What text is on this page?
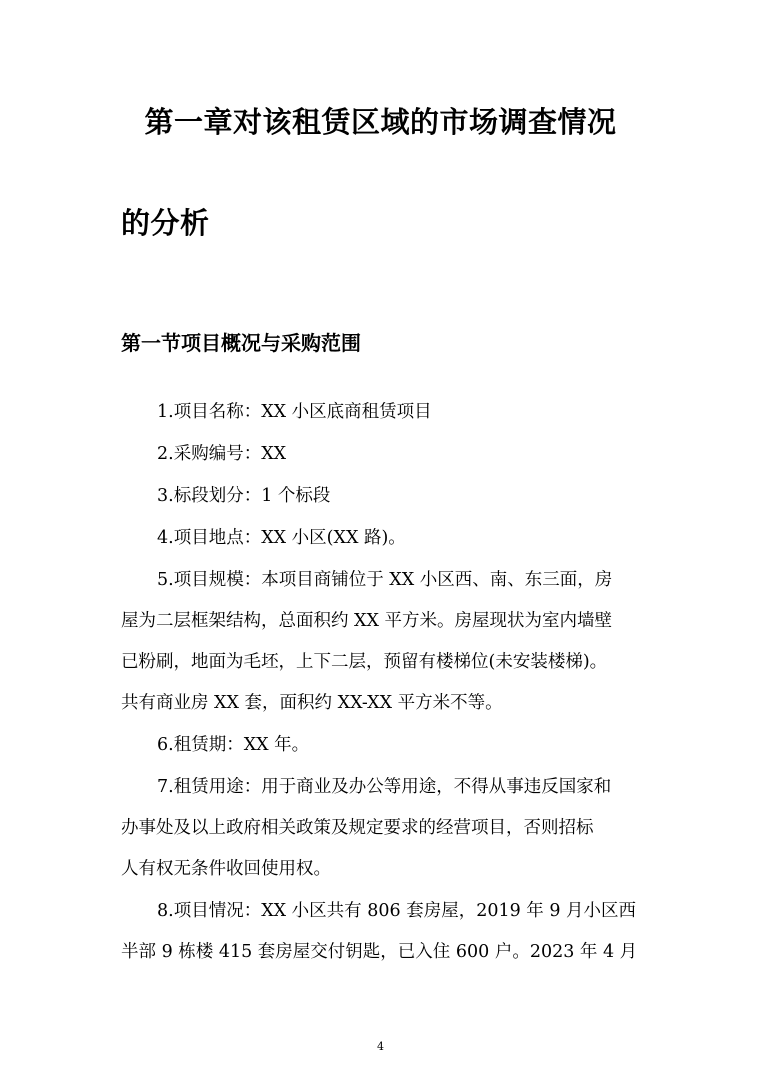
第一章对该租赁区域的市场调查情况
的分析
第一节项目概况与采购范围
1.项目名称：XX 小区底商租赁项目
2.采购编号：XX
3.标段划分：1 个标段
4.项目地点：XX 小区(XX 路)。
5.项目规模：本项目商铺位于 XX 小区西、南、东三面，房
屋为二层框架结构，总面积约 XX 平方米。房屋现状为室内墙壁
已粉刷，地面为毛坯，上下二层，预留有楼梯位(未安装楼梯)。
共有商业房 XX 套，面积约 XX-XX 平方米不等。
6.租赁期：XX 年。
7.租赁用途：用于商业及办公等用途，不得从事违反国家和
办事处及以上政府相关政策及规定要求的经营项目，否则招标
人有权无条件收回使用权。
8.项目情况：XX 小区共有 806 套房屋，2019 年 9 月小区西
半部 9 栋楼 415 套房屋交付钥匙，已入住 600 户。2023 年 4 月
4
